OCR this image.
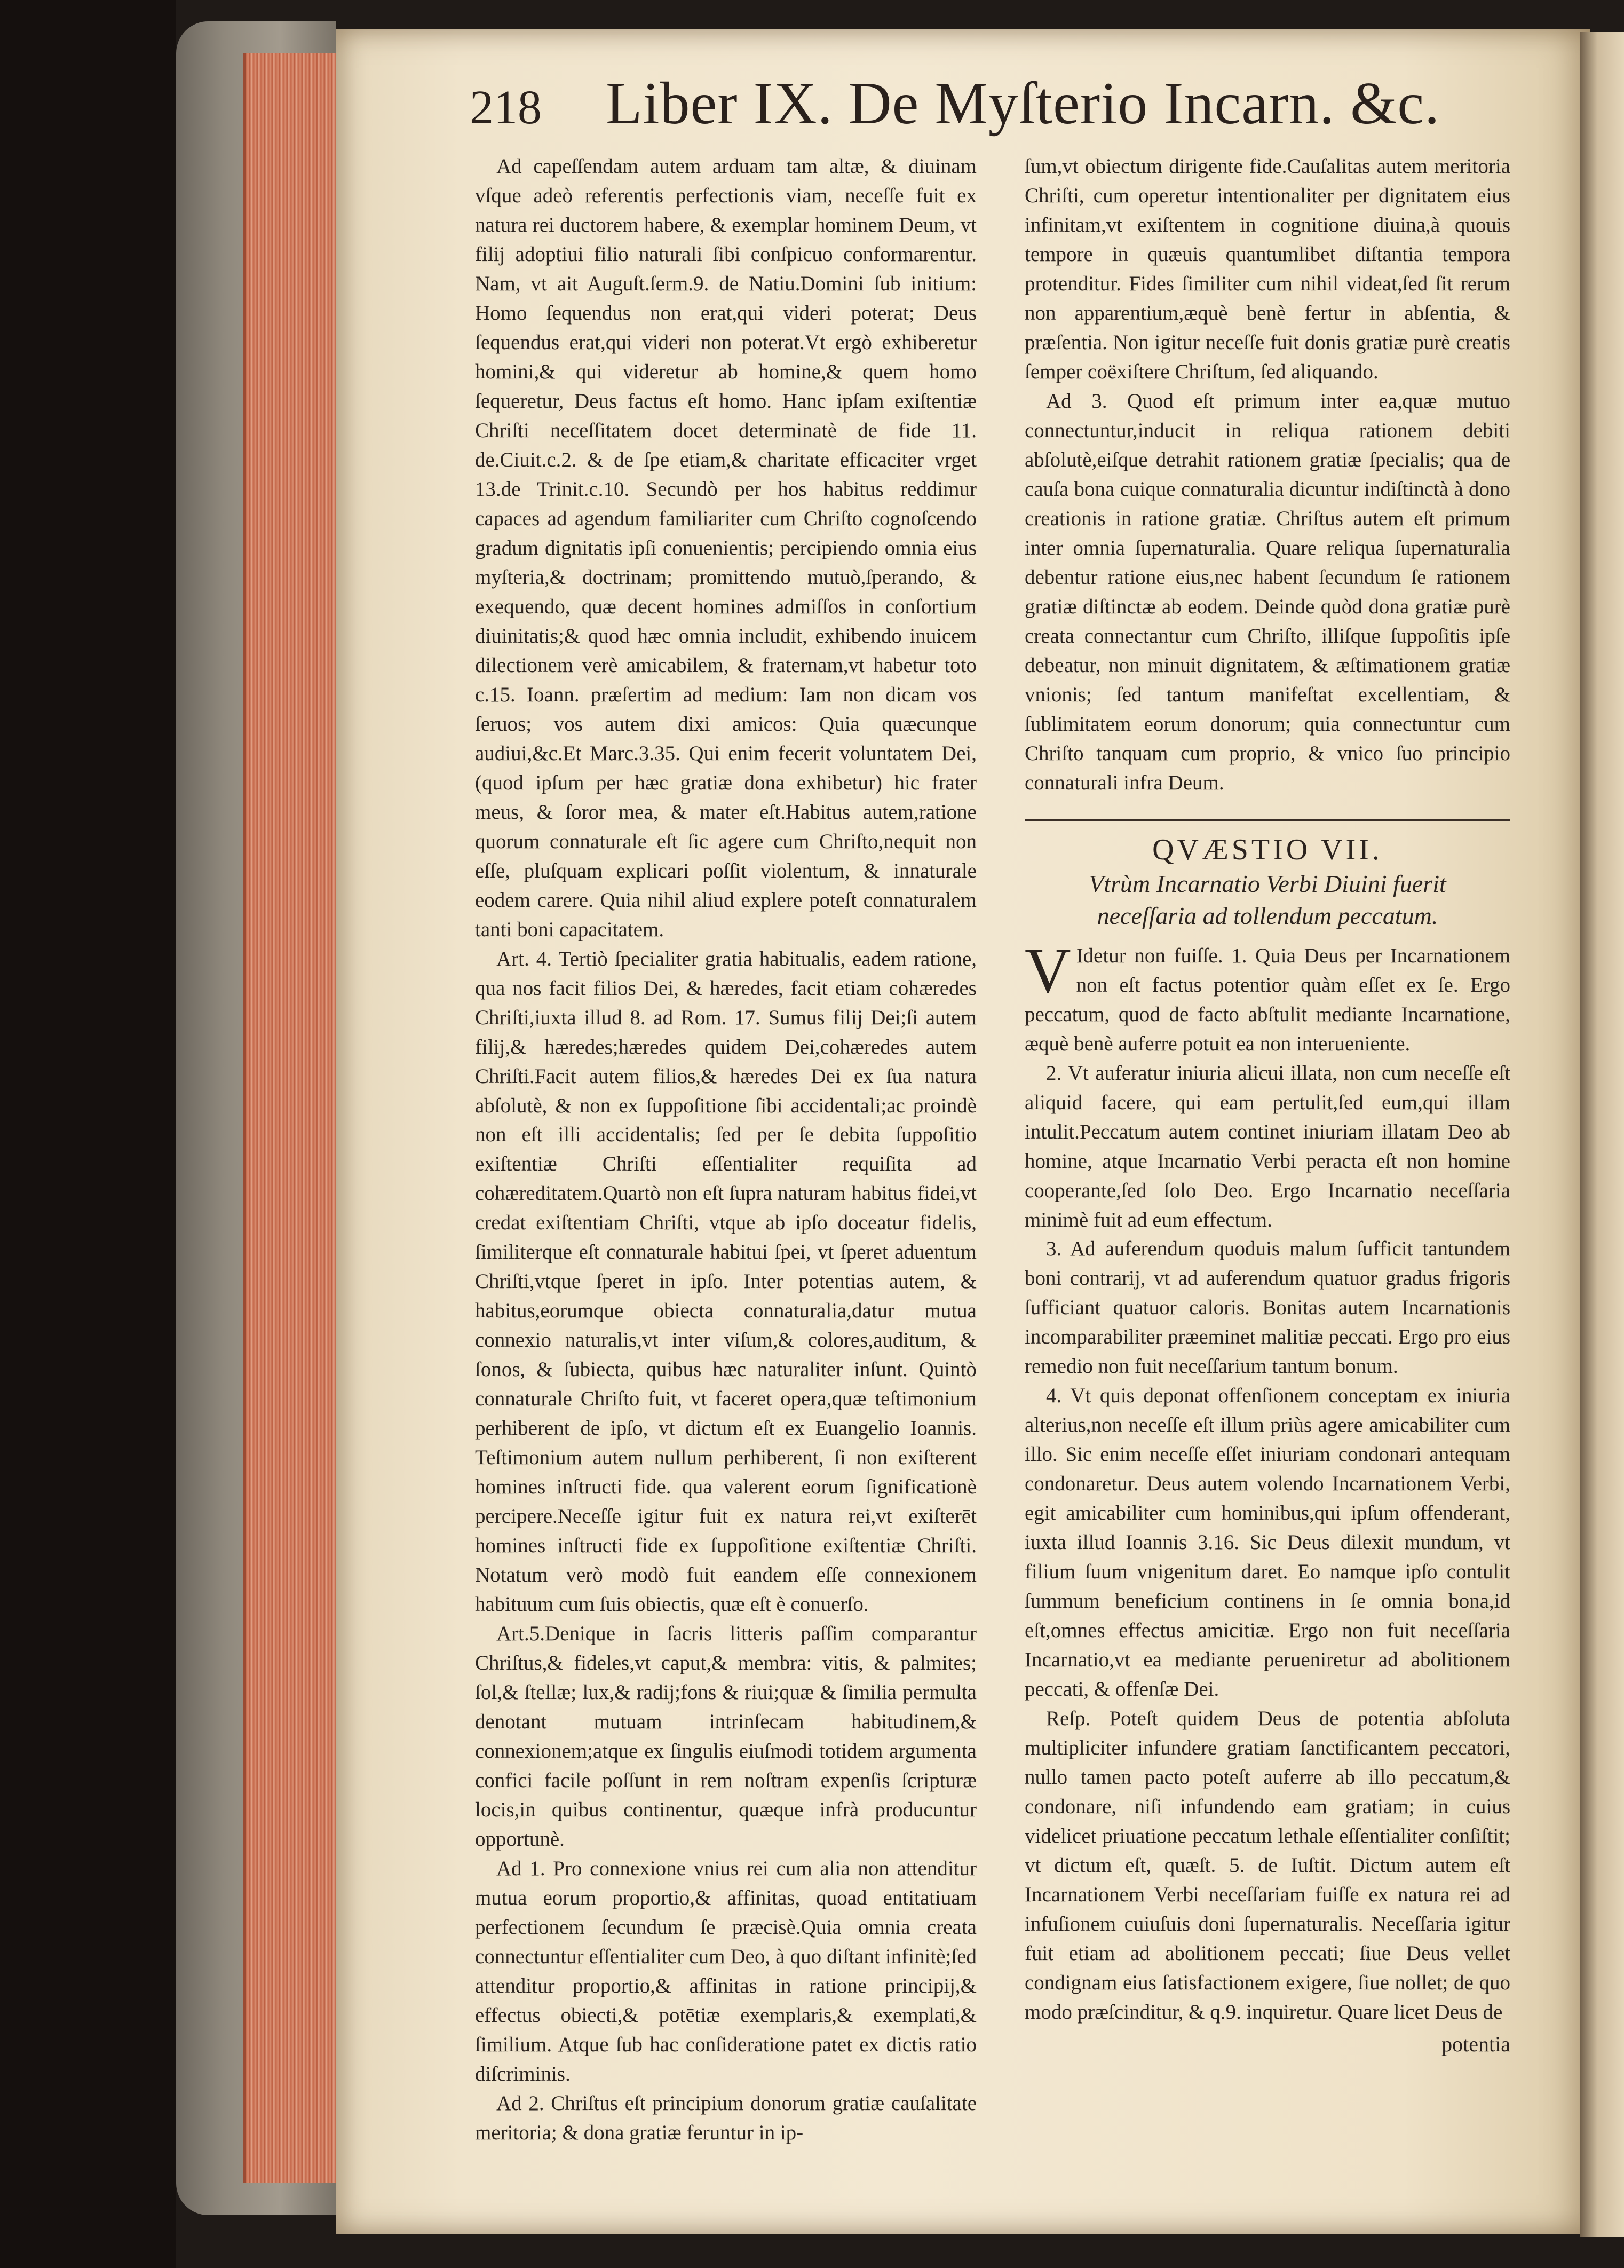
218 Liber IX. De Myſterio Incarn. &c.

Ad capeſſendam autem arduam tam altæ, & diuinam vſque adeò referentis perfectionis viam, neceſſe fuit ex natura rei ductorem habere, & exemplar hominem Deum, vt filij adoptiui filio naturali ſibi conſpicuo conformarentur. Nam, vt ait Auguſt.ſerm.9. de Natiu.Domini ſub initium: Homo ſequendus non erat,qui videri poterat; Deus ſequendus erat,qui videri non poterat.Vt ergò exhiberetur homini,& qui videretur ab homine,& quem homo ſequeretur, Deus factus eſt homo. Hanc ipſam exiſtentiæ Chriſti neceſſitatem docet determinatè de fide 11. de.Ciuit.c.2. & de ſpe etiam,& charitate efficaciter vrget 13.de Trinit.c.10. Secundò per hos habitus reddimur capaces ad agendum familiariter cum Chriſto cognoſcendo gradum dignitatis ipſi conuenientis; percipiendo omnia eius myſteria,& doctrinam; promittendo mutuò,ſperando, & exequendo, quæ decent homines admiſſos in conſortium diuinitatis;& quod hæc omnia includit, exhibendo inuicem dilectionem verè amicabilem, & fraternam,vt habetur toto c.15. Ioann. præſertim ad medium: Iam non dicam vos ſeruos; vos autem dixi amicos: Quia quæcunque audiui,&c.Et Marc.3.35. Qui enim fecerit voluntatem Dei, (quod ipſum per hæc gratiæ dona exhibetur) hic frater meus, & ſoror mea, & mater eſt.Habitus autem,ratione quorum connaturale eſt ſic agere cum Chriſto,nequit non eſſe, pluſquam explicari poſſit violentum, & innaturale eodem carere. Quia nihil aliud explere poteſt connaturalem tanti boni capacitatem.

Art. 4. Tertiò ſpecialiter gratia habitualis, eadem ratione, qua nos facit filios Dei, & hæredes, facit etiam cohæredes Chriſti,iuxta illud 8. ad Rom. 17. Sumus filij Dei;ſi autem filij,& hæredes;hæredes quidem Dei,cohæredes autem Chriſti.Facit autem filios,& hæredes Dei ex ſua natura abſolutè, & non ex ſuppoſitione ſibi accidentali;ac proindè non eſt illi accidentalis; ſed per ſe debita ſuppoſitio exiſtentiæ Chriſti eſſentialiter requiſita ad cohæreditatem.Quartò non eſt ſupra naturam habitus fidei,vt credat exiſtentiam Chriſti, vtque ab ipſo doceatur fidelis, ſimiliterque eſt connaturale habitui ſpei, vt ſperet aduentum Chriſti,vtque ſperet in ipſo. Inter potentias autem, & habitus,eorumque obiecta connaturalia,datur mutua connexio naturalis,vt inter viſum,& colores,auditum, & ſonos, & ſubiecta, quibus hæc naturaliter inſunt. Quintò connaturale Chriſto fuit, vt faceret opera,quæ teſtimonium perhiberent de ipſo, vt dictum eſt ex Euangelio Ioannis. Teſtimonium autem nullum perhiberent, ſi non exiſterent homines inſtructi fide. qua valerent eorum ſignificationè percipere.Neceſſe igitur fuit ex natura rei,vt exiſterēt homines inſtructi fide ex ſuppoſitione exiſtentiæ Chriſti. Notatum verò modò fuit eandem eſſe connexionem habituum cum ſuis obiectis, quæ eſt è conuerſo.

Art.5.Denique in ſacris litteris paſſim comparantur Chriſtus,& fideles,vt caput,& membra: vitis, & palmites; ſol,& ſtellæ; lux,& radij;fons & riui;quæ & ſimilia permulta denotant mutuam intrinſecam habitudinem,& connexionem;atque ex ſingulis eiuſmodi totidem argumenta confici facile poſſunt in rem noſtram expenſis ſcripturæ locis,in quibus continentur, quæque infrà producuntur opportunè.

Ad 1. Pro connexione vnius rei cum alia non attenditur mutua eorum proportio,& affinitas, quoad entitatiuam perfectionem ſecundum ſe præcisè.Quia omnia creata connectuntur eſſentialiter cum Deo, à quo diſtant infinitè;ſed attenditur proportio,& affinitas in ratione principij,& effectus obiecti,& potētiæ exemplaris,& exemplati,& ſimilium. Atque ſub hac conſideratione patet ex dictis ratio diſcriminis.

Ad 2. Chriſtus eſt principium donorum gratiæ cauſalitate meritoria; & dona gratiæ feruntur in ip-

ſum,vt obiectum dirigente fide.Cauſalitas autem meritoria Chriſti, cum operetur intentionaliter per dignitatem eius infinitam,vt exiſtentem in cognitione diuina,à quouis tempore in quæuis quantumlibet diſtantia tempora protenditur. Fides ſimiliter cum nihil videat,ſed ſit rerum non apparentium,æquè benè fertur in abſentia, & præſentia. Non igitur neceſſe fuit donis gratiæ purè creatis ſemper coëxiſtere Chriſtum, ſed aliquando.

Ad 3. Quod eſt primum inter ea,quæ mutuo connectuntur,inducit in reliqua rationem debiti abſolutè,eiſque detrahit rationem gratiæ ſpecialis; qua de cauſa bona cuique connaturalia dicuntur indiſtinctà à dono creationis in ratione gratiæ. Chriſtus autem eſt primum inter omnia ſupernaturalia. Quare reliqua ſupernaturalia debentur ratione eius,nec habent ſecundum ſe rationem gratiæ diſtinctæ ab eodem. Deinde quòd dona gratiæ purè creata connectantur cum Chriſto, illiſque ſuppoſitis ipſe debeatur, non minuit dignitatem, & æſtimationem gratiæ vnionis; ſed tantum manifeſtat excellentiam, & ſublimitatem eorum donorum; quia connectuntur cum Chriſto tanquam cum proprio, & vnico ſuo principio connaturali infra Deum.

QVÆSTIO VII.
Vtrùm Incarnatio Verbi Diuini fuerit neceſſaria ad tollendum peccatum.

V Idetur non fuiſſe. 1. Quia Deus per Incarnationem non eſt factus potentior quàm eſſet ex ſe. Ergo peccatum, quod de facto abſtulit mediante Incarnatione, æquè benè auferre potuit ea non interueniente.

2. Vt auferatur iniuria alicui illata, non cum neceſſe eſt aliquid facere, qui eam pertulit,ſed eum,qui illam intulit.Peccatum autem continet iniuriam illatam Deo ab homine, atque Incarnatio Verbi peracta eſt non homine cooperante,ſed ſolo Deo. Ergo Incarnatio neceſſaria minimè fuit ad eum effectum.

3. Ad auferendum quoduis malum ſufficit tantundem boni contrarij, vt ad auferendum quatuor gradus frigoris ſufficiant quatuor caloris. Bonitas autem Incarnationis incomparabiliter præeminet malitiæ peccati. Ergo pro eius remedio non fuit neceſſarium tantum bonum.

4. Vt quis deponat offenſionem conceptam ex iniuria alterius,non neceſſe eſt illum priùs agere amicabiliter cum illo. Sic enim neceſſe eſſet iniuriam condonari antequam condonaretur. Deus autem volendo Incarnationem Verbi, egit amicabiliter cum hominibus,qui ipſum offenderant, iuxta illud Ioannis 3.16. Sic Deus dilexit mundum, vt filium ſuum vnigenitum daret. Eo namque ipſo contulit ſummum beneficium continens in ſe omnia bona,id eſt,omnes effectus amicitiæ. Ergo non fuit neceſſaria Incarnatio,vt ea mediante perueniretur ad abolitionem peccati, & offenſæ Dei.

Reſp. Poteſt quidem Deus de potentia abſoluta multipliciter infundere gratiam ſanctificantem peccatori, nullo tamen pacto poteſt auferre ab illo peccatum,& condonare, niſi infundendo eam gratiam; in cuius videlicet priuatione peccatum lethale eſſentialiter conſiſtit; vt dictum eſt, quæſt. 5. de Iuſtit. Dictum autem eſt Incarnationem Verbi neceſſariam fuiſſe ex natura rei ad infuſionem cuiuſuis doni ſupernaturalis. Neceſſaria igitur fuit etiam ad abolitionem peccati; ſiue Deus vellet condignam eius ſatisfactionem exigere, ſiue nollet; de quo modo præſcinditur, & q.9. inquiretur. Quare licet Deus de

potentia
